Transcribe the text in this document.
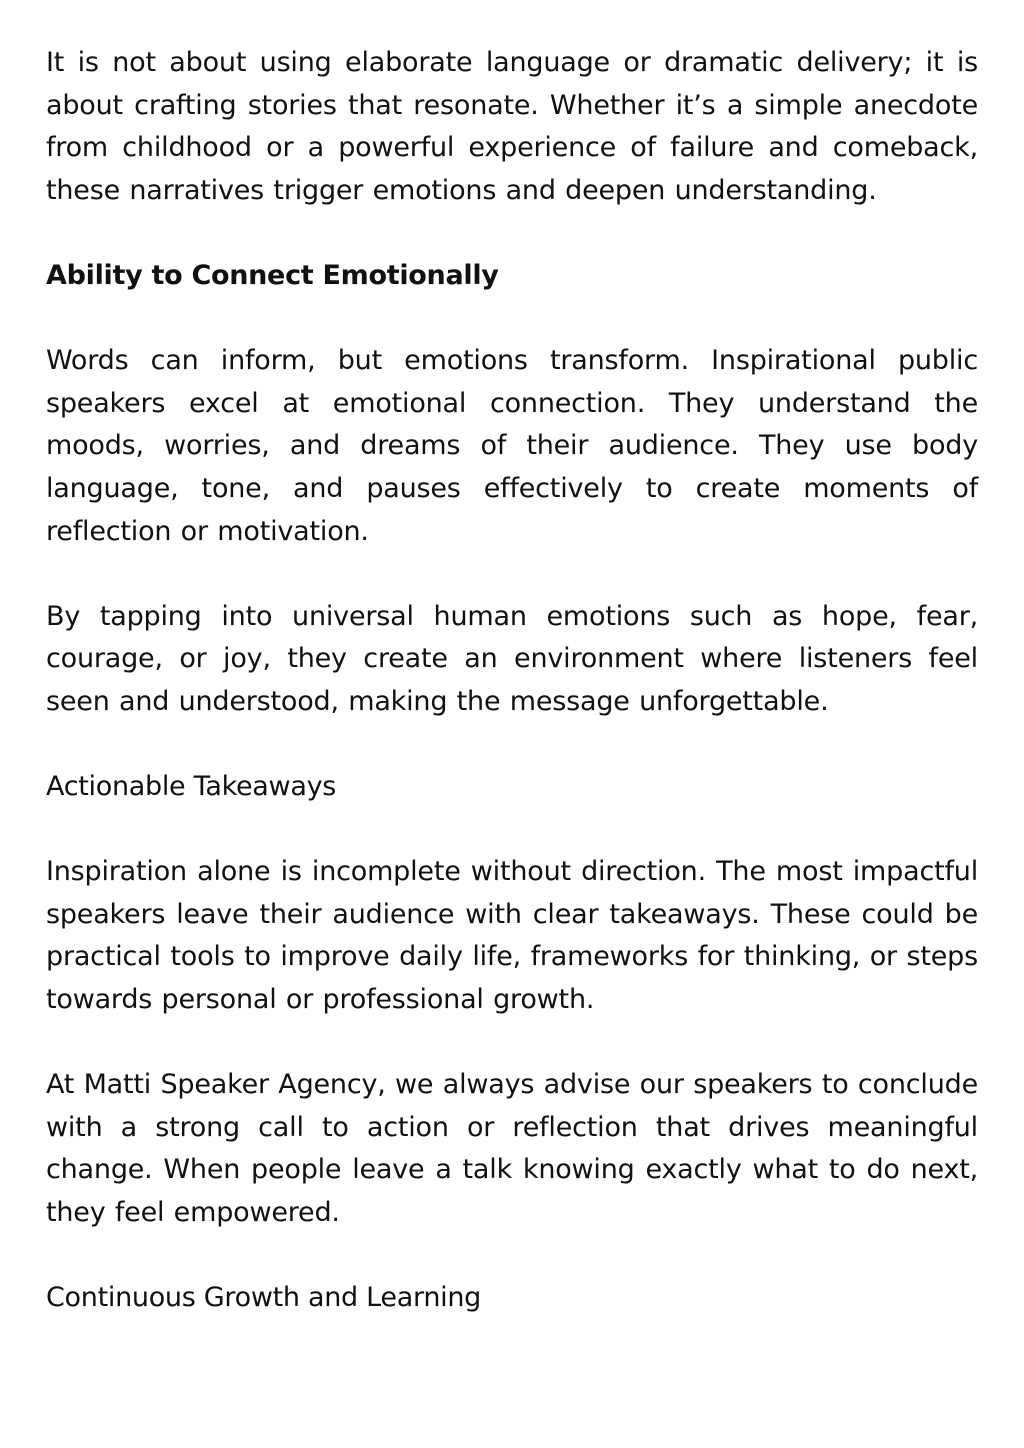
It is not about using elaborate language or dramatic delivery; it is about crafting stories that resonate. Whether it’s a simple anecdote from childhood or a powerful experience of failure and comeback, these narratives trigger emotions and deepen understanding.

Ability to Connect Emotionally

Words can inform, but emotions transform. Inspirational public speakers excel at emotional connection. They understand the moods, worries, and dreams of their audience. They use body language, tone, and pauses effectively to create moments of reflection or motivation.

By tapping into universal human emotions such as hope, fear, courage, or joy, they create an environment where listeners feel seen and understood, making the message unforgettable.

Actionable Takeaways

Inspiration alone is incomplete without direction. The most impactful speakers leave their audience with clear takeaways. These could be practical tools to improve daily life, frameworks for thinking, or steps towards personal or professional growth.

At Matti Speaker Agency, we always advise our speakers to conclude with a strong call to action or reflection that drives meaningful change. When people leave a talk knowing exactly what to do next, they feel empowered.

Continuous Growth and Learning
